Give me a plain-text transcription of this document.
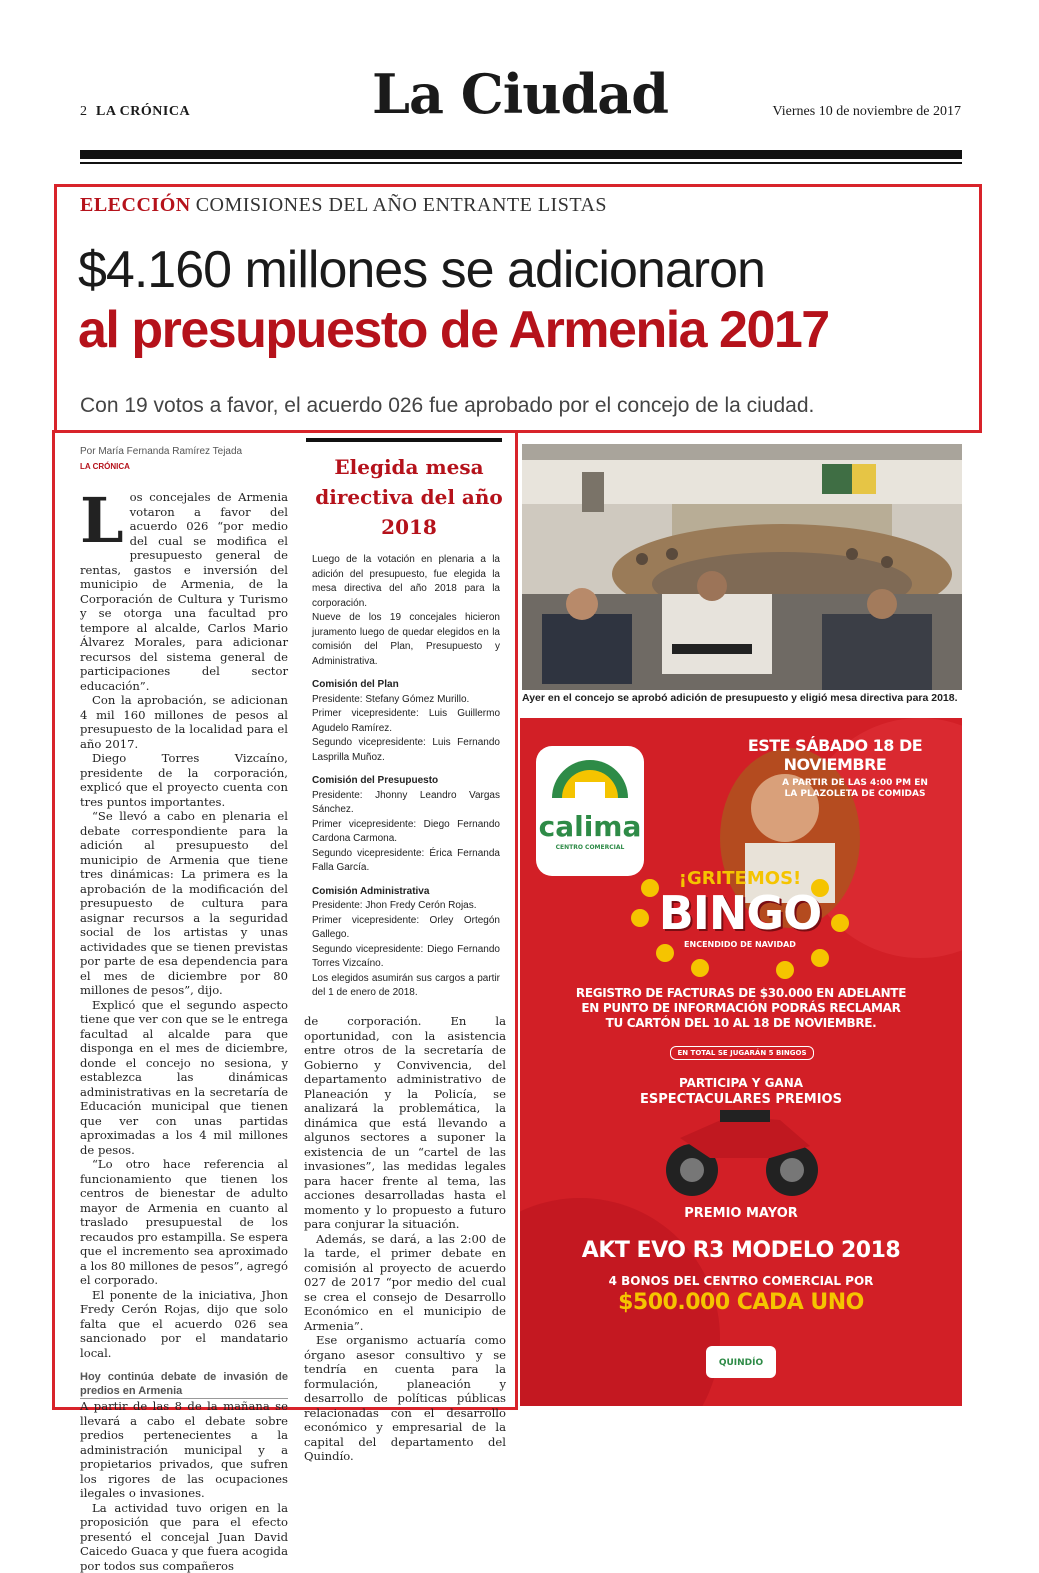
2 LA CRÓNICA	La Ciudad	Viernes 10 de noviembre de 2017
ELECCIÓN COMISIONES DEL AÑO ENTRANTE LISTAS
$4.160 millones se adicionaron
al presupuesto de Armenia 2017
Con 19 votos a favor, el acuerdo 026 fue aprobado por el concejo de la ciudad.
Por María Fernanda Ramírez Tejada
LA CRÓNICA

Los concejales de Armenia votaron a favor del acuerdo 026 “por medio del cual se modifica el presupuesto general de rentas, gastos e inversión del municipio de Armenia, de la Corporación de Cultura y Turismo y se otorga una facultad pro tempore al alcalde, Carlos Mario Álvarez Morales, para adicionar recursos del sistema general de participaciones del sector educación”.

Con la aprobación, se adicionan 4 mil 160 millones de pesos al presupuesto de la localidad para el año 2017.

Diego Torres Vizcaíno, presidente de la corporación, explicó que el proyecto cuenta con tres puntos importantes.

“Se llevó a cabo en plenaria el debate correspondiente para la adición al presupuesto del municipio de Armenia que tiene tres dinámicas: La primera es la aprobación de la modificación del presupuesto de cultura para asignar recursos a la seguridad social de los artistas y unas actividades que se tienen previstas por parte de esa dependencia para el mes de diciembre por 80 millones de pesos”, dijo.

Explicó que el segundo aspecto tiene que ver con que se le entrega facultad al alcalde para que disponga en el mes de diciembre, donde el concejo no sesiona, y establezca las dinámicas administrativas en la secretaría de Educación municipal que tienen que ver con unas partidas aproximadas a los 4 mil millones de pesos.

“Lo otro hace referencia al funcionamiento que tienen los centros de bienestar de adulto mayor de Armenia en cuanto al traslado presupuestal de los recaudos pro estampilla. Se espera que el incremento sea aproximado a los 80 millones de pesos”, agregó el corporado.

El ponente de la iniciativa, Jhon Fredy Cerón Rojas, dijo que solo falta que el acuerdo 026 sea sancionado por el mandatario local.

Hoy continúa debate de invasión de predios en Armenia

A partir de las 8 de la mañana se llevará a cabo el debate sobre predios pertenecientes a la administración municipal y a propietarios privados, que sufren los rigores de las ocupaciones ilegales o invasiones.

La actividad tuvo origen en la proposición que para el efecto presentó el concejal Juan David Caicedo Guaca y que fuera acogida por todos sus compañeros

Elegida mesa directiva del año 2018
Luego de la votación en plenaria a la adición del presupuesto, fue elegida la mesa directiva del año 2018 para la corporación.
Nueve de los 19 concejales hicieron juramento luego de quedar elegidos en la comisión del Plan, Presupuesto y Administrativa.
Comisión del Plan
Presidente: Stefany Gómez Murillo.
Primer vicepresidente: Luis Guillermo Agudelo Ramírez.
Segundo vicepresidente: Luis Fernando Lasprilla Muñoz.
Comisión del Presupuesto
Presidente: Jhonny Leandro Vargas Sánchez.
Primer vicepresidente: Diego Fernando Cardona Carmona.
Segundo vicepresidente: Érica Fernanda Falla García.
Comisión Administrativa
Presidente: Jhon Fredy Cerón Rojas.
Primer vicepresidente: Orley Ortegón Gallego.
Segundo vicepresidente: Diego Fernando Torres Vizcaíno.
Los elegidos asumirán sus cargos a partir del 1 de enero de 2018.

de corporación. En la oportunidad, con la asistencia entre otros de la secretaría de Gobierno y Convivencia, del departamento administrativo de Planeación y la Policía, se analizará la problemática, la dinámica que está llevando a algunos sectores a suponer la existencia de un “cartel de las invasiones”, las medidas legales para hacer frente al tema, las acciones desarrolladas hasta el momento y lo propuesto a futuro para conjurar la situación.

Además, se dará, a las 2:00 de la tarde, el primer debate en comisión al proyecto de acuerdo 027 de 2017 “por medio del cual se crea el consejo de Desarrollo Económico en el municipio de Armenia”.

Ese organismo actuaría como órgano asesor consultivo y se tendría en cuenta para la formulación, planeación y desarrollo de políticas públicas relacionadas con el desarrollo económico y empresarial de la capital del departamento del Quindío.

Ayer en el concejo se aprobó adición de presupuesto y eligió mesa directiva para 2018.
ESTE SÁBADO 18 DE NOVIEMBRE
A PARTIR DE LAS 4:00 PM EN
LA PLAZOLETA DE COMIDAS
calima
CENTRO COMERCIAL
¡GRITEMOS!
BINGO
ENCENDIDO DE NAVIDAD
REGISTRO DE FACTURAS DE $30.000 EN ADELANTE
EN PUNTO DE INFORMACIÓN PODRÁS RECLAMAR
TU CARTÓN DEL 10 AL 18 DE NOVIEMBRE.
EN TOTAL SE JUGARÁN 5 BINGOS
PARTICIPA Y GANA
ESPECTACULARES PREMIOS
PREMIO MAYOR
AKT EVO R3 MODELO 2018
4 BONOS DEL CENTRO COMERCIAL POR
$500.000 CADA UNO
QUINDÍO
